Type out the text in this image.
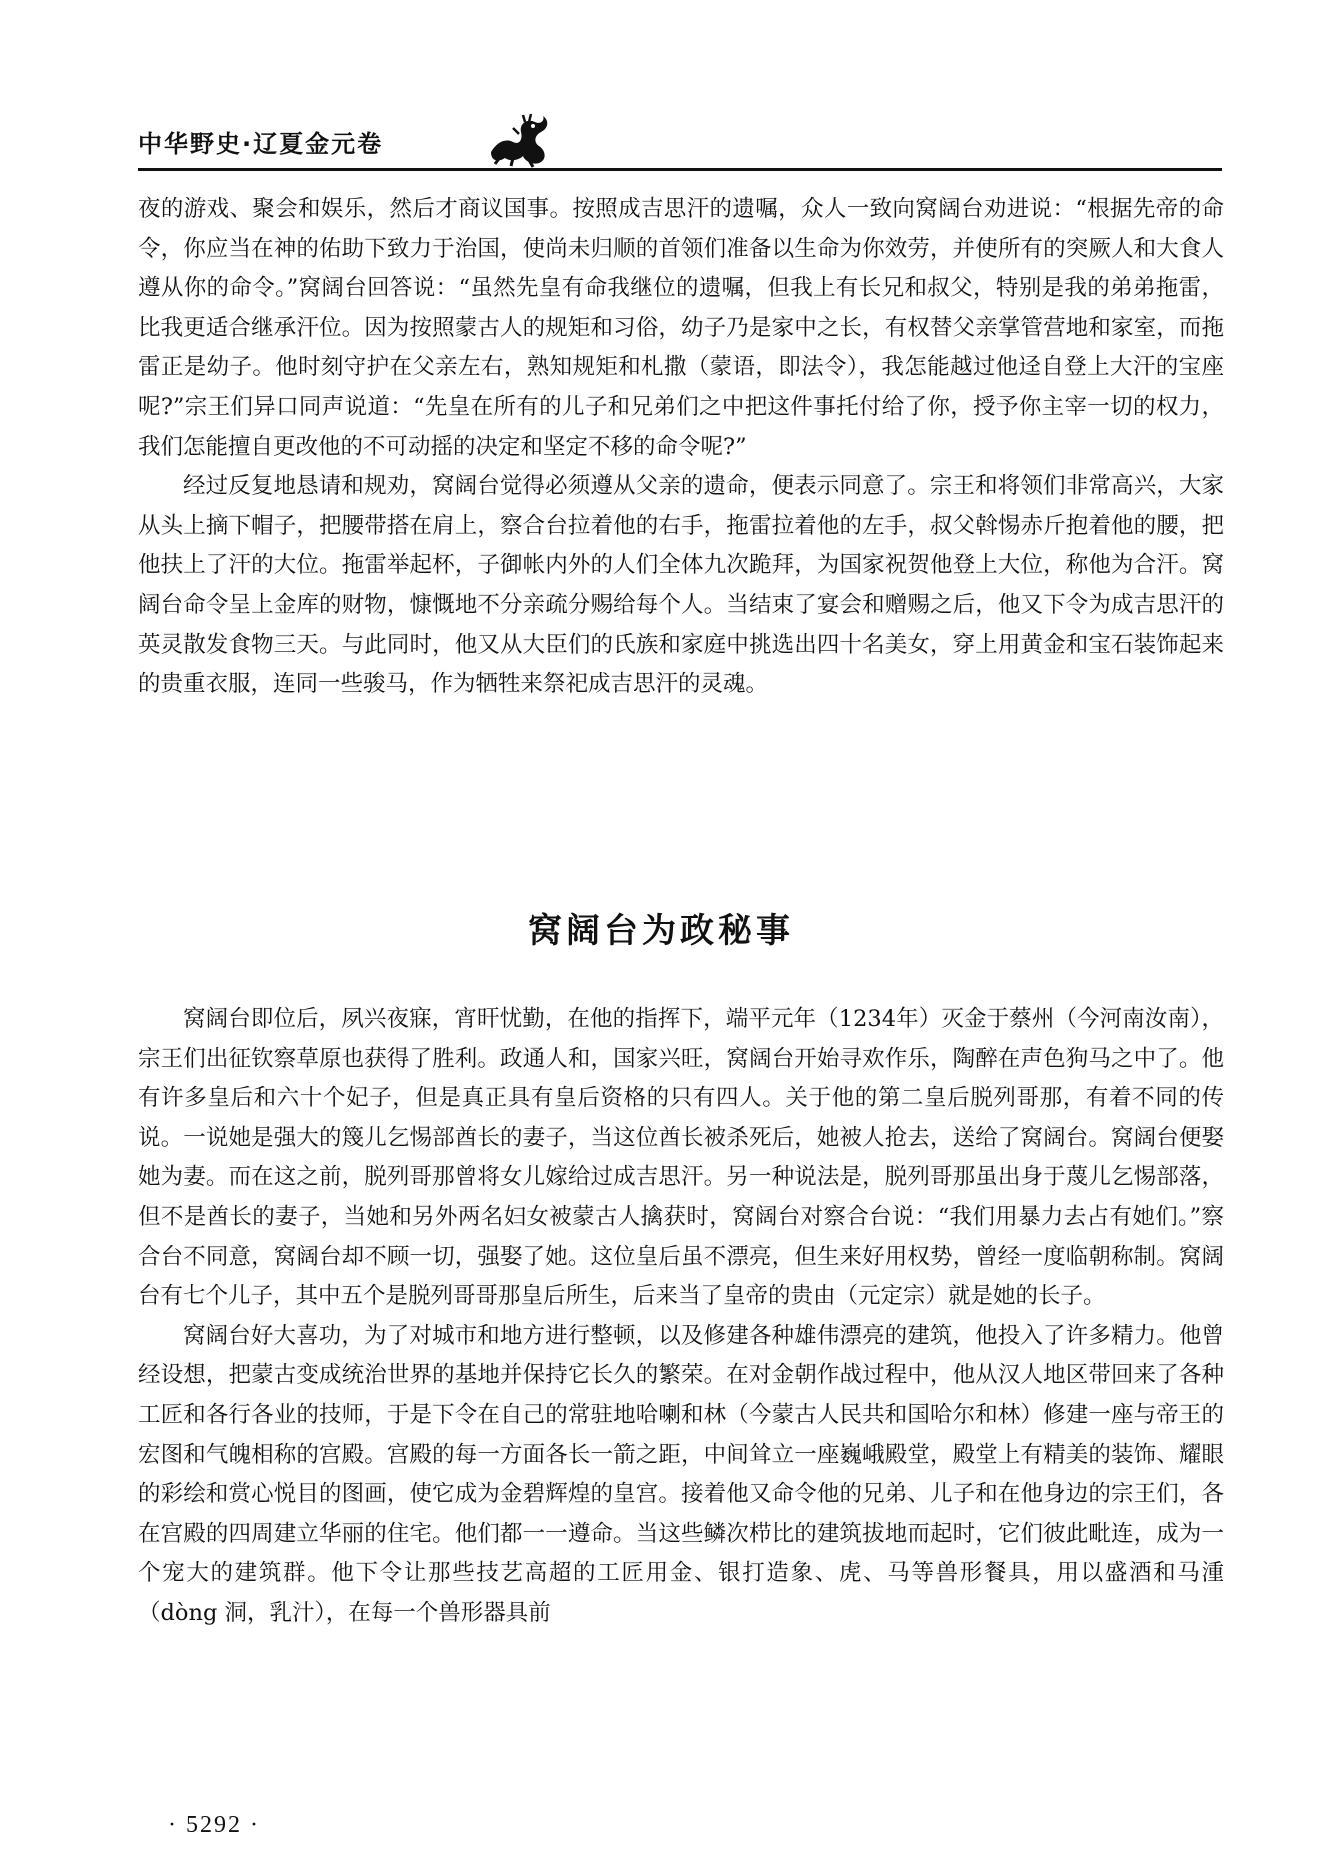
中华野史·辽夏金元卷

夜的游戏、聚会和娱乐，然后才商议国事。按照成吉思汗的遗嘱，众人一致向窝阔台劝进说：“根据先帝的命令，你应当在神的佑助下致力于治国，使尚未归顺的首领们准备以生命为你效劳，并使所有的突厥人和大食人遵从你的命令。”窝阔台回答说：“虽然先皇有命我继位的遗嘱，但我上有长兄和叔父，特别是我的弟弟拖雷，比我更适合继承汗位。因为按照蒙古人的规矩和习俗，幼子乃是家中之长，有权替父亲掌管营地和家室，而拖雷正是幼子。他时刻守护在父亲左右，熟知规矩和札撒（蒙语，即法令），我怎能越过他迳自登上大汗的宝座呢?”宗王们异口同声说道：“先皇在所有的儿子和兄弟们之中把这件事托付给了你，授予你主宰一切的权力，我们怎能擅自更改他的不可动摇的决定和坚定不移的命令呢?”

经过反复地恳请和规劝，窝阔台觉得必须遵从父亲的遗命，便表示同意了。宗王和将领们非常高兴，大家从头上摘下帽子，把腰带搭在肩上，察合台拉着他的右手，拖雷拉着他的左手，叔父斡惕赤斤抱着他的腰，把他扶上了汗的大位。拖雷举起杯，子御帐内外的人们全体九次跪拜，为国家祝贺他登上大位，称他为合汗。窝阔台命令呈上金库的财物，慷慨地不分亲疏分赐给每个人。当结束了宴会和赠赐之后，他又下令为成吉思汗的英灵散发食物三天。与此同时，他又从大臣们的氏族和家庭中挑选出四十名美女，穿上用黄金和宝石装饰起来的贵重衣服，连同一些骏马，作为牺牲来祭祀成吉思汗的灵魂。

窝阔台为政秘事

窝阔台即位后，夙兴夜寐，宵旰忧勤，在他的指挥下，端平元年（1234年）灭金于蔡州（今河南汝南），宗王们出征钦察草原也获得了胜利。政通人和，国家兴旺，窝阔台开始寻欢作乐，陶醉在声色狗马之中了。他有许多皇后和六十个妃子，但是真正具有皇后资格的只有四人。关于他的第二皇后脱列哥那，有着不同的传说。一说她是强大的篾儿乞惕部酋长的妻子，当这位酋长被杀死后，她被人抢去，送给了窝阔台。窝阔台便娶她为妻。而在这之前，脱列哥那曾将女儿嫁给过成吉思汗。另一种说法是，脱列哥那虽出身于蔑儿乞惕部落，但不是酋长的妻子，当她和另外两名妇女被蒙古人擒获时，窝阔台对察合台说：“我们用暴力去占有她们。”察合台不同意，窝阔台却不顾一切，强娶了她。这位皇后虽不漂亮，但生来好用权势，曾经一度临朝称制。窝阔台有七个儿子，其中五个是脱列哥哥那皇后所生，后来当了皇帝的贵由（元定宗）就是她的长子。

窝阔台好大喜功，为了对城市和地方进行整顿，以及修建各种雄伟漂亮的建筑，他投入了许多精力。他曾经设想，把蒙古变成统治世界的基地并保持它长久的繁荣。在对金朝作战过程中，他从汉人地区带回来了各种工匠和各行各业的技师，于是下令在自己的常驻地哈喇和林（今蒙古人民共和国哈尔和林）修建一座与帝王的宏图和气魄相称的宫殿。宫殿的每一方面各长一箭之距，中间耸立一座巍峨殿堂，殿堂上有精美的装饰、耀眼的彩绘和赏心悦目的图画，使它成为金碧辉煌的皇宫。接着他又命令他的兄弟、儿子和在他身边的宗王们，各在宫殿的四周建立华丽的住宅。他们都一一遵命。当这些鳞次栉比的建筑拔地而起时，它们彼此毗连，成为一个宠大的建筑群。他下令让那些技艺高超的工匠用金、银打造象、虎、马等兽形餐具，用以盛酒和马湩（dòng 洞，乳汁），在每一个兽形器具前

· 5292 ·
